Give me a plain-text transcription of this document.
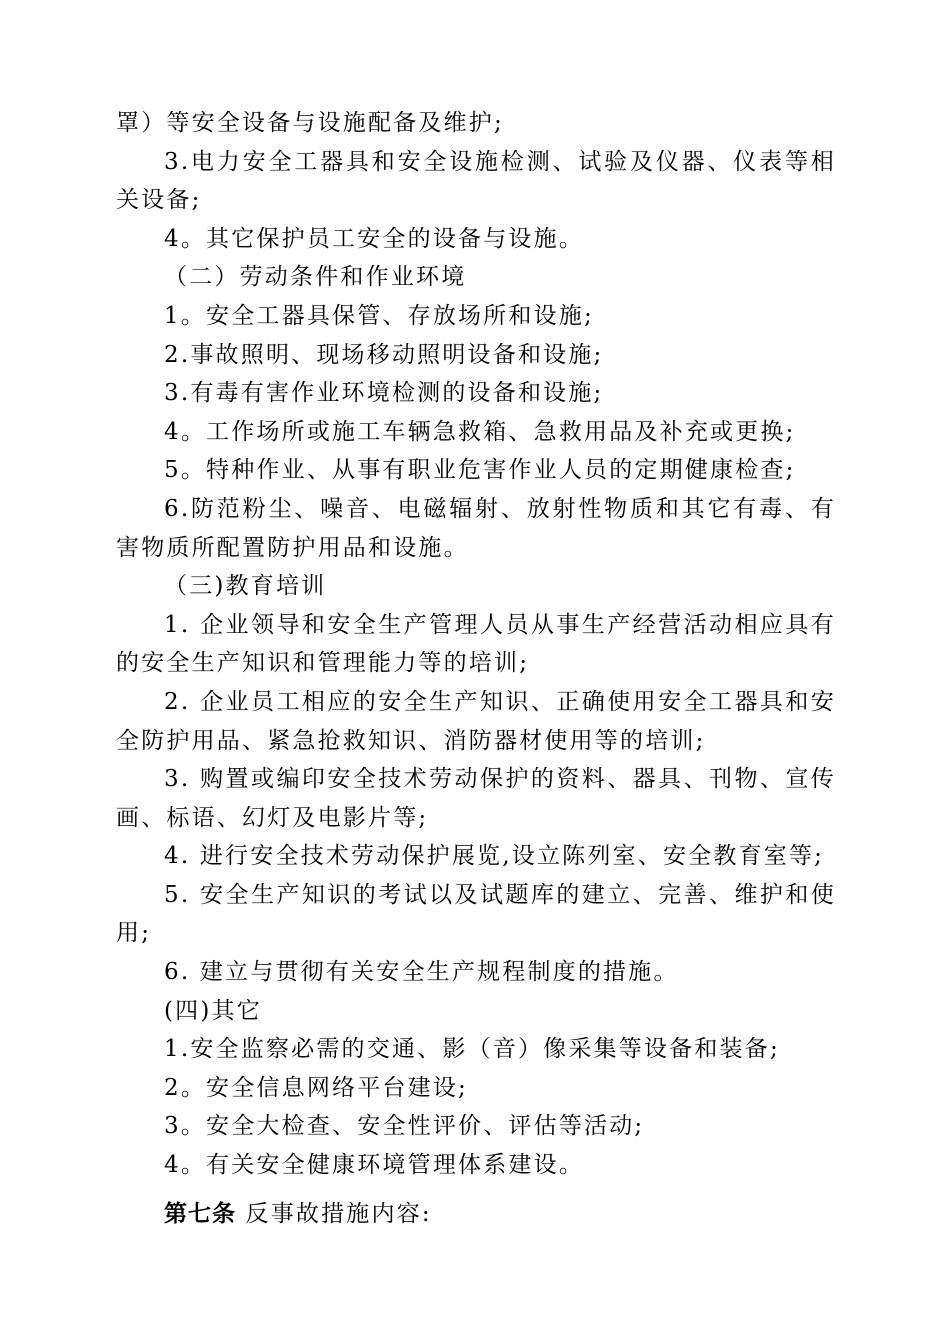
罩）等安全设备与设施配备及维护;

3.电力安全工器具和安全设施检测、试验及仪器、仪表等相关设备;

4。其它保护员工安全的设备与设施。

（二）劳动条件和作业环境

1。安全工器具保管、存放场所和设施;

2.事故照明、现场移动照明设备和设施;

3.有毒有害作业环境检测的设备和设施;

4。工作场所或施工车辆急救箱、急救用品及补充或更换;

5。特种作业、从事有职业危害作业人员的定期健康检查;

6.防范粉尘、噪音、电磁辐射、放射性物质和其它有毒、有害物质所配置防护用品和设施。

（三)教育培训

1. 企业领导和安全生产管理人员从事生产经营活动相应具有的安全生产知识和管理能力等的培训;

2. 企业员工相应的安全生产知识、正确使用安全工器具和安全防护用品、紧急抢救知识、消防器材使用等的培训;

3. 购置或编印安全技术劳动保护的资料、器具、刊物、宣传画、标语、幻灯及电影片等;

4. 进行安全技术劳动保护展览,设立陈列室、安全教育室等;

5. 安全生产知识的考试以及试题库的建立、完善、维护和使用;

6. 建立与贯彻有关安全生产规程制度的措施。

(四)其它

1.安全监察必需的交通、影（音）像采集等设备和装备;

2。安全信息网络平台建设;

3。安全大检查、安全性评价、评估等活动;

4。有关安全健康环境管理体系建设。

第七条 反事故措施内容:
